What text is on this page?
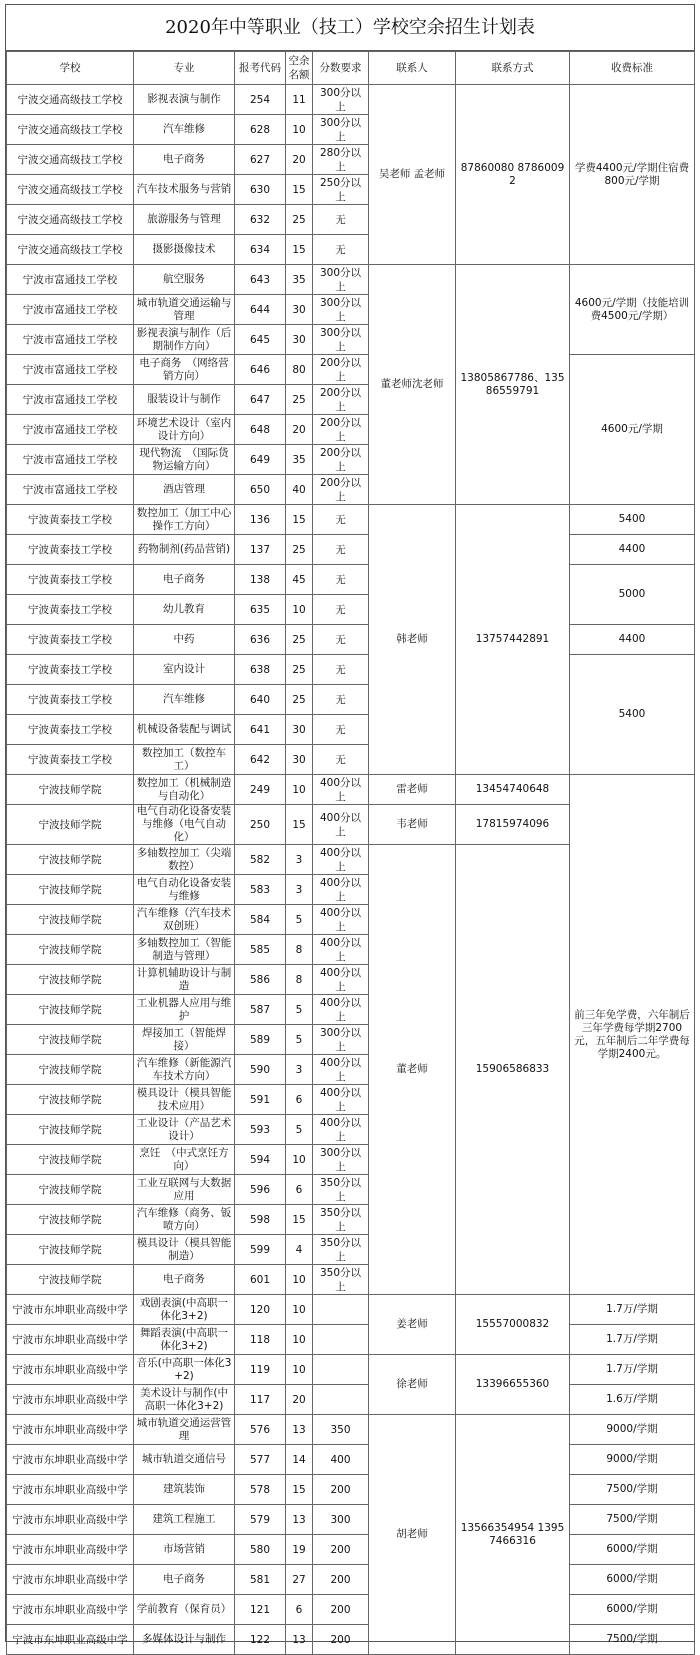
2020年中等职业（技工）学校空余招生计划表
学校	专业	报考代码	空余名额	分数要求	联系人	联系方式	收费标准
宁波交通高级技工学校	影视表演与制作	254	11	300分以上	吴老师 孟老师	87860080 87860092	学费4400元/学期住宿费800元/学期
宁波交通高级技工学校	汽车维修	628	10	300分以上			
宁波交通高级技工学校	电子商务	627	20	280分以上			
宁波交通高级技工学校	汽车技术服务与营销	630	15	250分以上			
宁波交通高级技工学校	旅游服务与管理	632	25	无			
宁波交通高级技工学校	摄影摄像技术	634	15	无			
宁波市富通技工学校	航空服务	643	35	300分以上	董老师沈老师	13805867786、13586559791	4600元/学期（技能培训费4500元/学期）
宁波市富通技工学校	城市轨道交通运输与管理	644	30	300分以上			
宁波市富通技工学校	影视表演与制作（后期制作方向）	645	30	300分以上			
宁波市富通技工学校	电子商务　（网络营销方向）	646	80	200分以上			4600元/学期
宁波市富通技工学校	服装设计与制作	647	25	200分以上			
宁波市富通技工学校	环境艺术设计（室内设计方向）	648	20	200分以上			
宁波市富通技工学校	现代物流　（国际货物运输方向）	649	35	200分以上			
宁波市富通技工学校	酒店管理	650	40	200分以上			
宁波黄泰技工学校	数控加工（加工中心操作工方向）	136	15	无	韩老师	13757442891	5400
宁波黄泰技工学校	药物制剂(药品营销)	137	25	无			4400
宁波黄泰技工学校	电子商务	138	45	无			5000
宁波黄泰技工学校	幼儿教育	635	10	无			
宁波黄泰技工学校	中药	636	25	无			4400
宁波黄泰技工学校	室内设计	638	25	无			5400
宁波黄泰技工学校	汽车维修	640	25	无			
宁波黄泰技工学校	机械设备装配与调试	641	30	无			
宁波黄泰技工学校	数控加工（数控车工）	642	30	无			
宁波技师学院	数控加工（机械制造与自动化）	249	10	400分以上	雷老师	13454740648	前三年免学费，六年制后三年学费每学期2700元，五年制后二年学费每学期2400元。
宁波技师学院	电气自动化设备安装与维修（电气自动化）	250	15	400分以上	韦老师	17815974096	
宁波技师学院	多轴数控加工（尖端数控）	582	3	400分以上	董老师	15906586833	
宁波技师学院	电气自动化设备安装与维修	583	3	400分以上			
宁波技师学院	汽车维修（汽车技术双创班）	584	5	400分以上			
宁波技师学院	多轴数控加工（智能制造与管理）	585	8	400分以上			
宁波技师学院	计算机辅助设计与制造	586	8	400分以上			
宁波技师学院	工业机器人应用与维护	587	5	400分以上			
宁波技师学院	焊接加工（智能焊接）	589	5	300分以上			
宁波技师学院	汽车维修（新能源汽车技术方向）	590	3	400分以上			
宁波技师学院	模具设计（模具智能技术应用）	591	6	400分以上			
宁波技师学院	工业设计（产品艺术设计）	593	5	400分以上			
宁波技师学院	烹饪　（中式烹饪方向）	594	10	300分以上			
宁波技师学院	工业互联网与大数据应用	596	6	350分以上			
宁波技师学院	汽车维修（商务、钣喷方向）	598	15	350分以上			
宁波技师学院	模具设计（模具智能制造）	599	4	350分以上			
宁波技师学院	电子商务	601	10	350分以上			
宁波市东坤职业高级中学	戏剧表演(中高职一体化3+2)	120	10		姜老师	15557000832	1.7万/学期
宁波市东坤职业高级中学	舞蹈表演(中高职一体化3+2)	118	10				1.7万/学期
宁波市东坤职业高级中学	音乐(中高职一体化3+2)	119	10		徐老师	13396655360	1.7万/学期
宁波市东坤职业高级中学	美术设计与制作(中高职一体化3+2)	117	20				1.6万/学期
宁波市东坤职业高级中学	城市轨道交通运营管理	576	13	350	胡老师	13566354954 13957466316	9000/学期
宁波市东坤职业高级中学	城市轨道交通信号	577	14	400			9000/学期
宁波市东坤职业高级中学	建筑装饰	578	15	200			7500/学期
宁波市东坤职业高级中学	建筑工程施工	579	13	300			7500/学期
宁波市东坤职业高级中学	市场营销	580	19	200			6000/学期
宁波市东坤职业高级中学	电子商务	581	27	200			6000/学期
宁波市东坤职业高级中学	学前教育（保育员）	121	6	200			6000/学期
宁波市东坤职业高级中学	多媒体设计与制作	122	13	200			7500/学期
